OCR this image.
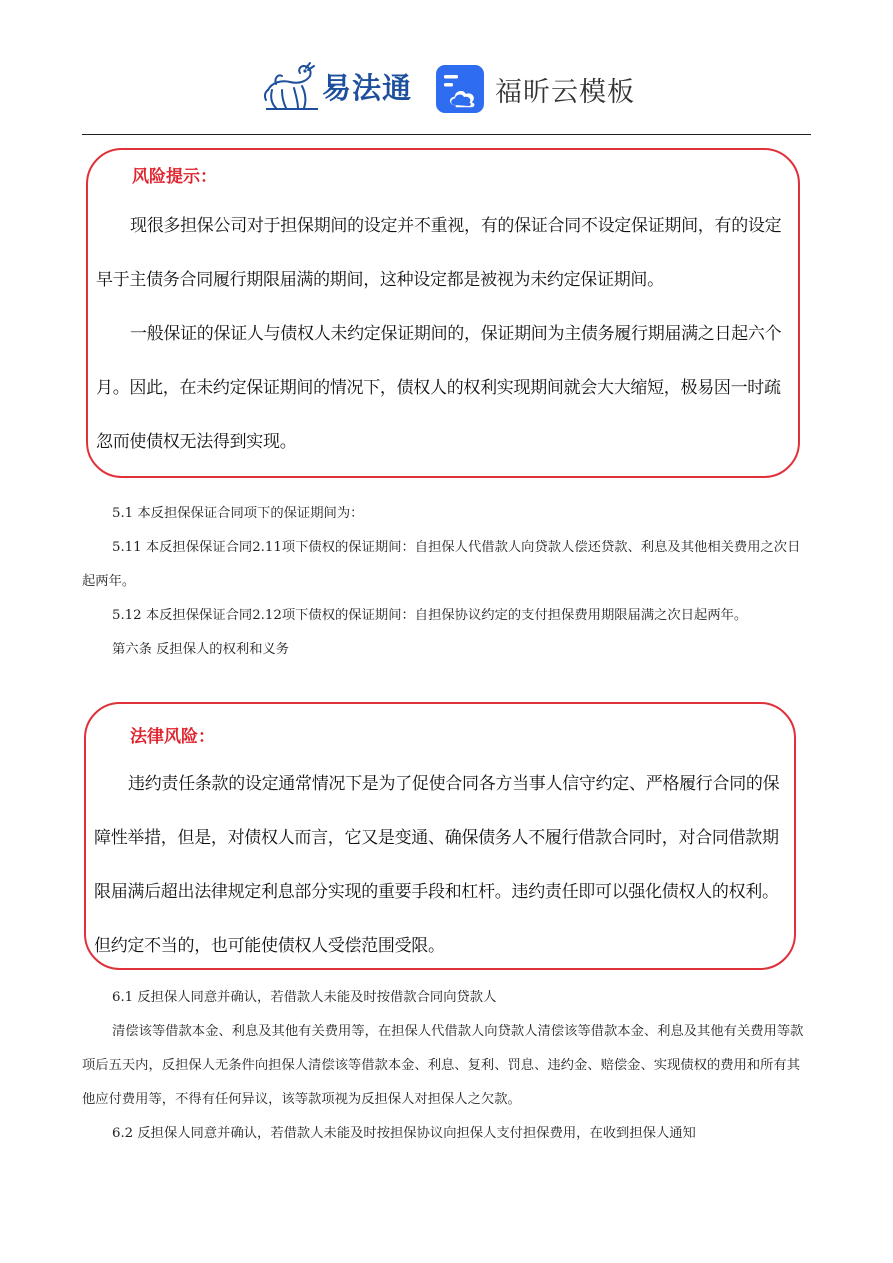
易法通	福昕云模板
风险提示：

现很多担保公司对于担保期间的设定并不重视，有的保证合同不设定保证期间，有的设定早于主债务合同履行期限届满的期间，这种设定都是被视为未约定保证期间。

一般保证的保证人与债权人未约定保证期间的，保证期间为主债务履行期届满之日起六个月。因此，在未约定保证期间的情况下，债权人的权利实现期间就会大大缩短，极易因一时疏忽而使债权无法得到实现。

5.1 本反担保保证合同项下的保证期间为：

5.11 本反担保保证合同2.11项下债权的保证期间：自担保人代借款人向贷款人偿还贷款、利息及其他相关费用之次日起两年。

5.12 本反担保保证合同2.12项下债权的保证期间：自担保协议约定的支付担保费用期限届满之次日起两年。

第六条 反担保人的权利和义务

法律风险：

违约责任条款的设定通常情况下是为了促使合同各方当事人信守约定、严格履行合同的保障性举措，但是，对债权人而言，它又是变通、确保债务人不履行借款合同时，对合同借款期限届满后超出法律规定利息部分实现的重要手段和杠杆。违约责任即可以强化债权人的权利。但约定不当的，也可能使债权人受偿范围受限。

6.1 反担保人同意并确认，若借款人未能及时按借款合同向贷款人

清偿该等借款本金、利息及其他有关费用等，在担保人代借款人向贷款人清偿该等借款本金、利息及其他有关费用等款项后五天内，反担保人无条件向担保人清偿该等借款本金、利息、复利、罚息、违约金、赔偿金、实现债权的费用和所有其他应付费用等，不得有任何异议，该等款项视为反担保人对担保人之欠款。

6.2 反担保人同意并确认，若借款人未能及时按担保协议向担保人支付担保费用，在收到担保人通知
